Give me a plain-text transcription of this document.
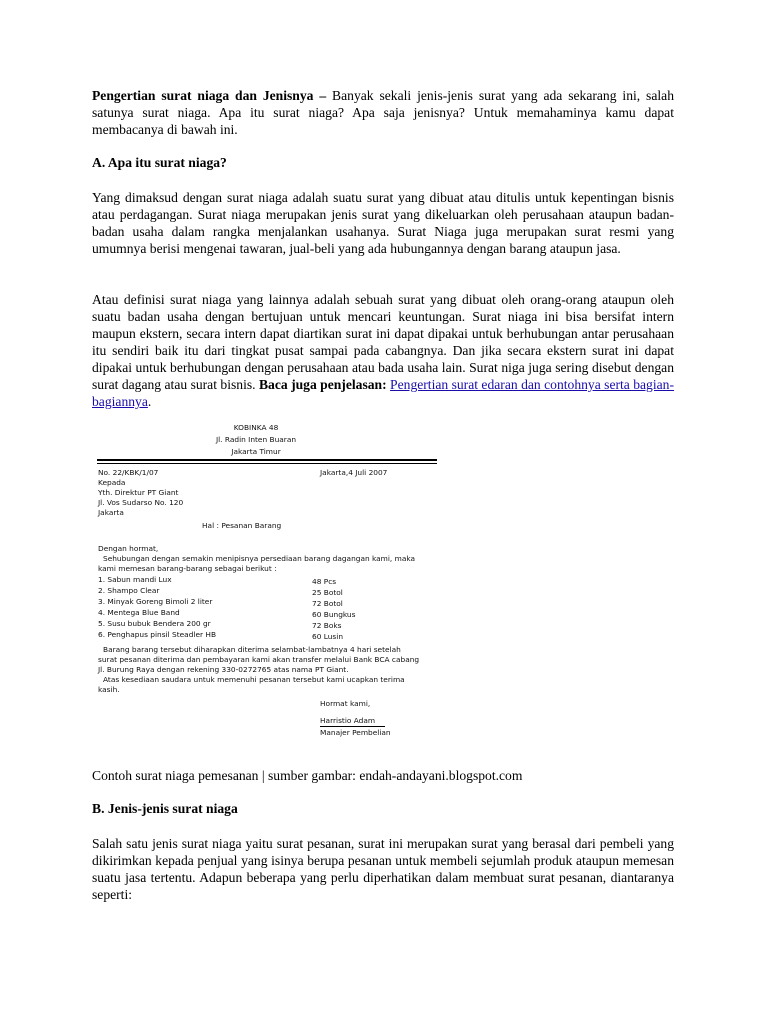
Pengertian surat niaga dan Jenisnya – Banyak sekali jenis-jenis surat yang ada sekarang ini, salah satunya surat niaga. Apa itu surat niaga? Apa saja jenisnya? Untuk memahaminya kamu dapat membacanya di bawah ini.

A. Apa itu surat niaga?

Yang dimaksud dengan surat niaga adalah suatu surat yang dibuat atau ditulis untuk kepentingan bisnis atau perdagangan. Surat niaga merupakan jenis surat yang dikeluarkan oleh perusahaan ataupun badan-badan usaha dalam rangka menjalankan usahanya. Surat Niaga juga merupakan surat resmi yang umumnya berisi mengenai tawaran, jual-beli yang ada hubungannya dengan barang ataupun jasa.

Atau definisi surat niaga yang lainnya adalah sebuah surat yang dibuat oleh orang-orang ataupun oleh suatu badan usaha dengan bertujuan untuk mencari keuntungan. Surat niaga ini bisa bersifat intern maupun ekstern, secara intern dapat diartikan surat ini dapat dipakai untuk berhubungan antar perusahaan itu sendiri baik itu dari tingkat pusat sampai pada cabangnya. Dan jika secara ekstern surat ini dapat dipakai untuk berhubungan dengan perusahaan atau bada usaha lain. Surat niga juga sering disebut dengan surat dagang atau surat bisnis. Baca juga penjelasan: Pengertian surat edaran dan contohnya serta bagian-bagiannya.

KOBINKA 48
Jl. Radin Inten Buaran
Jakarta Timur
No. 22/KBK/1/07	Jakarta,4 Juli 2007
Kepada
Yth. Direktur PT Giant
Jl. Vos Sudarso No. 120
Jakarta
Hal : Pesanan Barang
Dengan hormat,
Sehubungan dengan semakin menipisnya persediaan barang dagangan kami, maka
kami memesan barang-barang sebagai berikut :
1. Sabun mandi Lux	48 Pcs
2. Shampo Clear	25 Botol
3. Minyak Goreng Bimoli 2 liter	72 Botol
4. Mentega Blue Band	60 Bungkus
5. Susu bubuk Bendera 200 gr	72 Boks
6. Penghapus pinsil Steadler HB	60 Lusin
Barang barang tersebut diharapkan diterima selambat-lambatnya 4 hari setelah
surat pesanan diterima dan pembayaran kami akan transfer melalui Bank BCA cabang
Jl. Burung Raya dengan rekening 330-0272765 atas nama PT Giant.
Atas kesediaan saudara untuk memenuhi pesanan tersebut kami ucapkan terima
kasih.
Hormat kami,
Harristio Adam
Manajer Pembelian

Contoh surat niaga pemesanan | sumber gambar: endah-andayani.blogspot.com

B. Jenis-jenis surat niaga

Salah satu jenis surat niaga yaitu surat pesanan, surat ini merupakan surat yang berasal dari pembeli yang dikirimkan kepada penjual yang isinya berupa pesanan untuk membeli sejumlah produk ataupun memesan suatu jasa tertentu. Adapun beberapa yang perlu diperhatikan dalam membuat surat pesanan, diantaranya seperti:
